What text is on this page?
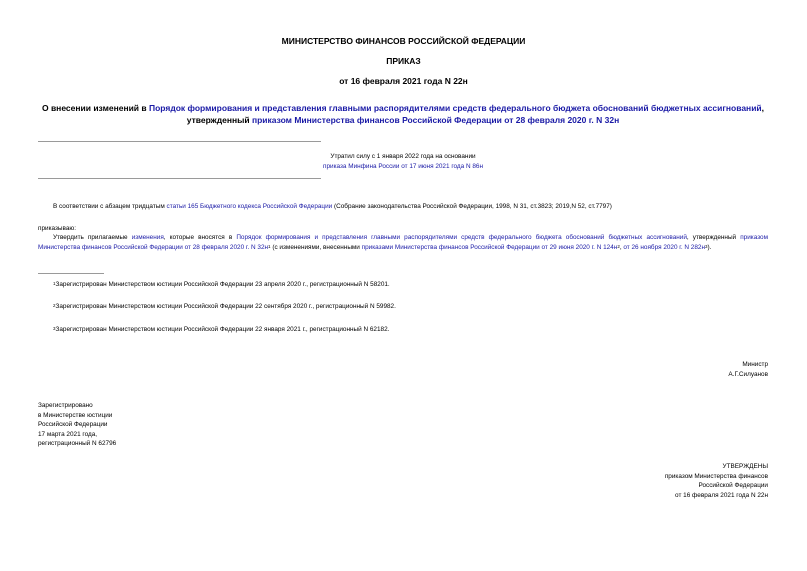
МИНИСТЕРСТВО ФИНАНСОВ РОССИЙСКОЙ ФЕДЕРАЦИИ
ПРИКАЗ
от 16 февраля 2021 года N 22н
О внесении изменений в Порядок формирования и представления главными распорядителями средств федерального бюджета обоснований бюджетных ассигнований, утвержденный приказом Министерства финансов Российской Федерации от 28 февраля 2020 г. N 32н
Утратил силу с 1 января 2022 года на основании
приказа Минфина России от 17 июня 2021 года N 86н
В соответствии с абзацем тридцатым статьи 165 Бюджетного кодекса Российской Федерации (Собрание законодательства Российской Федерации, 1998, N 31, ст.3823; 2019,N 52, ст.7797)
приказываю:
Утвердить прилагаемые изменения, которые вносятся в Порядок формирования и представления главными распорядителями средств федерального бюджета обоснований бюджетных ассигнований, утвержденный приказом Министерства финансов Российской Федерации от 28 февраля 2020 г. N $32н^1$ (с изменениями, внесенными приказами Министерства финансов Российской Федерации от 29 июня 2020 г. N $124н^2$, от 26 ноября 2020 г. N $282н^3$).
$^1$Зарегистрирован Министерством юстиции Российской Федерации 23 апреля 2020 г., регистрационный N 58201.
$^2$Зарегистрирован Министерством юстиции Российской Федерации 22 сентября 2020 г., регистрационный N 59982.
$^3$Зарегистрирован Министерством юстиции Российской Федерации 22 января 2021 г., регистрационный N 62182.
Министр
А.Г.Силуанов
Зарегистрировано
в Министерстве юстиции
Российской Федерации
17 марта 2021 года,
регистрационный N 62796
УТВЕРЖДЕНЫ
приказом Министерства финансов
Российской Федерации
от 16 февраля 2021 года N 22н
